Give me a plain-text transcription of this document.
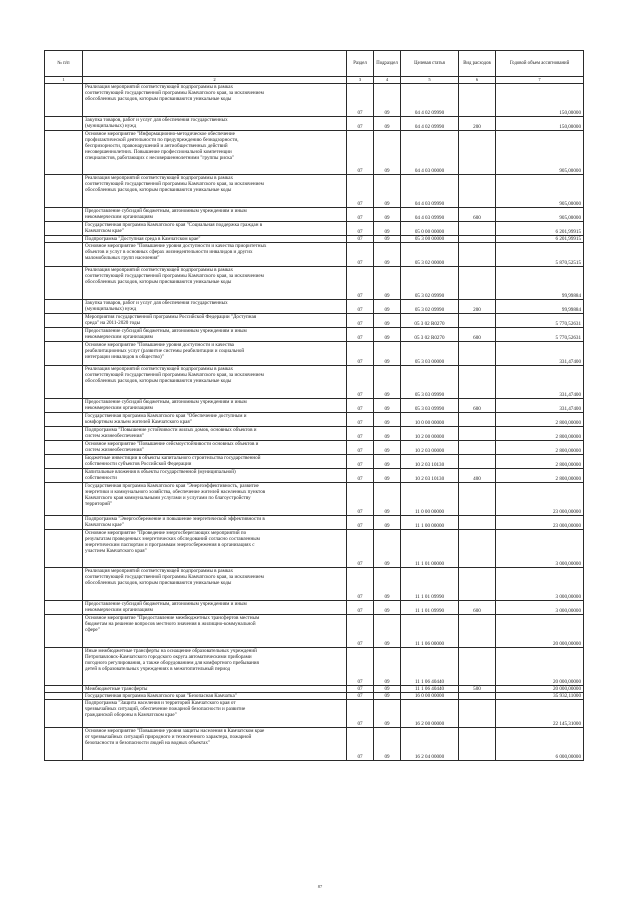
№ п/п		Раздел	Подраздел	Целевая статья	Вид расходов	Годовой объем ассигнований
1	2	3	4	5	6	7
	Реализация мероприятий соответствующей подпрограммы в рамках
соответствующей государственной программы Камчатского края, за исключением
обособленных расходов, которым присваиваются уникальные коды	07	09	04 4 02 09990		150,00000
	Закупка товаров, работ и услуг для обеспечения государственных
(муниципальных) нужд	07	09	04 4 02 09990	200	150,00000
	Основное мероприятие "Информационно-методическое обеспечение
профилактической деятельности по предупреждению безнадзорности,
беспризорности, правонарушений и антиобщественных действий
несовершеннолетних. Повышение профессиональной компетенции
специалистов, работающих с несовершеннолетними "группы риска"	07	09	04 4 03 00000		905,00000
	Реализация мероприятий соответствующей подпрограммы в рамках
соответствующей государственной программы Камчатского края, за исключением
обособленных расходов, которым присваиваются уникальные коды	07	09	04 4 03 09990		905,00000
	Предоставление субсидий бюджетным, автономным учреждениям и иным
некоммерческим организациям	07	09	04 4 03 09990	600	905,00000
	Государственная программа Камчатского края "Социальная поддержка граждан в
Камчатском крае"	07	09	05 0 00 00000		6 201,99915
	Подпрограмма "Доступная среда в Камчатском крае"	07	09	05 3 00 00000		6 201,99915
	Основное мероприятие "Повышение уровня доступности и качества приоритетных
объектов и услуг в основных сферах жизнедеятельности инвалидов и других
маломобильных групп населения"	07	09	05 3 02 00000		5 870,52515
	Реализация мероприятий соответствующей подпрограммы в рамках
соответствующей государственной программы Камчатского края, за исключением
обособленных расходов, которым присваиваются уникальные коды	07	09	05 3 02 09990		99,99884
	Закупка товаров, работ и услуг для обеспечения государственных
(муниципальных) нужд	07	09	05 3 02 09990	200	99,99884
	Мероприятия государственной программы Российской Федерации "Доступная
среда" на 2011-2020 годы	07	09	05 3 02 R0270		5 770,52631
	Предоставление субсидий бюджетным, автономным учреждениям и иным
некоммерческим организациям	07	09	05 3 02 R0270	600	5 770,52631
	Основное мероприятие "Повышение уровня доступности и качества
реабилитационных услуг (развитие системы реабилитации и социальной
интеграции инвалидов в общество)"	07	09	05 3 03 00000		331,47400
	Реализация мероприятий соответствующей подпрограммы в рамках
соответствующей государственной программы Камчатского края, за исключением
обособленных расходов, которым присваиваются уникальные коды	07	09	05 3 03 09990		331,47400
	Предоставление субсидий бюджетным, автономным учреждениям и иным
некоммерческим организациям	07	09	05 3 03 09990	600	331,47400
	Государственная программа Камчатского края "Обеспечение доступным и
комфортным жильем жителей Камчатского края"	07	09	10 0 00 00000		2 800,00000
	Подпрограмма "Повышение устойчивости жилых домов, основных объектов и
систем жизнеобеспечения"	07	09	10 2 00 00000		2 800,00000
	Основное мероприятие "Повышение сейсмоустойчивости основных объектов и
систем жизнеобеспечения"	07	09	10 2 03 00000		2 800,00000
	Бюджетные инвестиции в объекты капитального строительства государственной
собственности субъектов Российской Федерации	07	09	10 2 03 10130		2 800,00000
	Капитальные вложения в объекты государственной (муниципальной)
собственности	07	09	10 2 03 10130	400	2 800,00000
	Государственная программа Камчатского края "Энергоэффективность, развитие
энергетики и коммунального хозяйства, обеспечение жителей населенных пунктов
Камчатского края коммунальными услугами и услугами по благоустройству
территорий"	07	09	11 0 00 00000		23 000,00000
	Подпрограмма "Энергосбережение и повышение энергетической эффективности в
Камчатском крае"	07	09	11 1 00 00000		23 000,00000
	Основное мероприятие "Проведение энергосберегающих мероприятий по
результатам проведенных энергетических обследований согласно составленным
энергетическим паспортам и программам энергосбережения в организациях с
участием Камчатского края"	07	09	11 1 01 00000		3 000,00000
	Реализация мероприятий соответствующей подпрограммы в рамках
соответствующей государственной программы Камчатского края, за исключением
обособленных расходов, которым присваиваются уникальные коды	07	09	11 1 01 09990		3 000,00000
	Предоставление субсидий бюджетным, автономным учреждениям и иным
некоммерческим организациям	07	09	11 1 01 09990	600	3 000,00000
	Основное мероприятие "Предоставление межбюджетных трансфертов местным
бюджетам на решение вопросов местного значения в жилищно-коммунальной
сфере"	07	09	11 1 06 00000		20 000,00000
	Иные межбюджетные трансферты на оснащение образовательных учреждений
Петропавловск-Камчатского городского округа автоматическими приборами
погодного регулирования, а также оборудованием для комфортного пребывания
детей в образовательных учреждениях в межотопительный период	07	09	11 1 06 40440		20 000,00000
	Межбюджетные трансферты	07	09	11 1 06 40440	500	20 000,00000
	Государственная программа Камчатского края "Безопасная Камчатка"	07	09	16 0 00 00000		35 932,11000
	Подпрограмма "Защита населения и территорий Камчатского края от
чрезвычайных ситуаций, обеспечение пожарной безопасности и развитие
гражданской обороны в Камчатском крае"	07	09	16 2 00 00000		22 145,31000
	Основное мероприятие "Повышение уровня защиты населения в Камчатском крае
от чрезвычайных ситуаций природного и техногенного характера, пожарной
безопасности и безопасности людей на водных объектах"	07	09	16 2 04 00000		6 000,00000
87
